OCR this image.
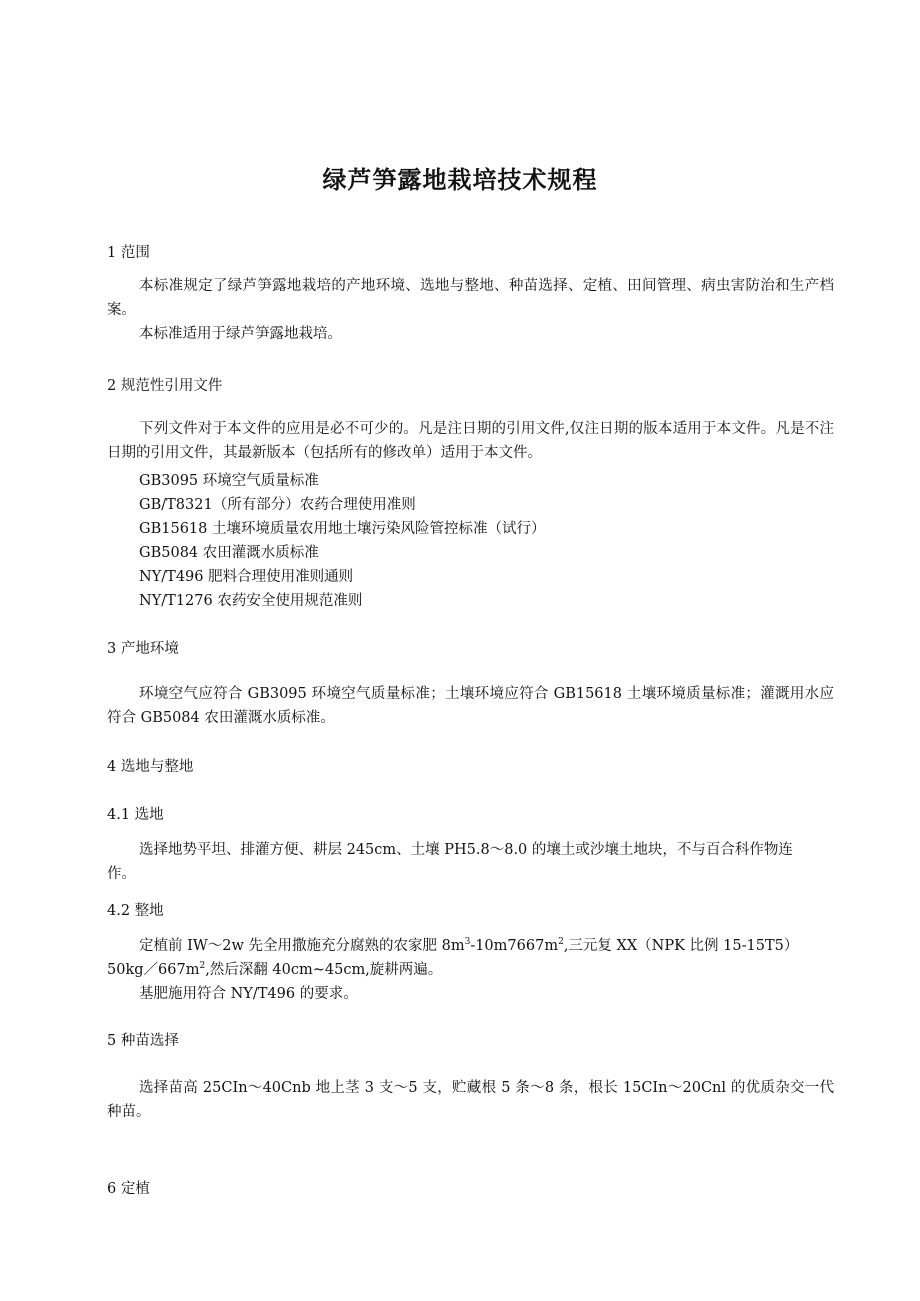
绿芦笋露地栽培技术规程
1 范围
本标准规定了绿芦笋露地栽培的产地环境、选地与整地、种苗选择、定植、田间管理、病虫害防治和生产档案。
本标准适用于绿芦笋露地栽培。
2 规范性引用文件
下列文件对于本文件的应用是必不可少的。凡是注日期的引用文件,仅注日期的版本适用于本文件。凡是不注日期的引用文件，其最新版本（包括所有的修改单）适用于本文件。
GB3095 环境空气质量标准
GB/T8321（所有部分）农药合理使用准则
GB15618 土壤环境质量农用地土壤污染风险管控标准（试行）
GB5084 农田灌溉水质标准
NY/T496 肥料合理使用准则通则
NY/T1276 农药安全使用规范准则
3 产地环境
环境空气应符合 GB3095 环境空气质量标准；土壤环境应符合 GB15618 土壤环境质量标准；灌溉用水应符合 GB5084 农田灌溉水质标准。
4 选地与整地
4.1 选地
选择地势平坦、排灌方便、耕层 245cm、土壤 PH5.8～8.0 的壤土或沙壤土地块，不与百合科作物连
作。
4.2 整地
定植前 IW～2w 先全用撒施充分腐熟的农家肥 $8m^3-10m7667m^2$,三元复 XX（NPK 比例 15-15T5）
$50kg/667m^2$,然后深翻 40cm~45cm,旋耕两遍。
基肥施用符合 NY/T496 的要求。
5 种苗选择
选择苗高 25CIn～40Cnb 地上茎 3 支～5 支，贮藏根 5 条～8 条，根长 15CIn～20Cnl 的优质杂交一代种苗。
6 定植
